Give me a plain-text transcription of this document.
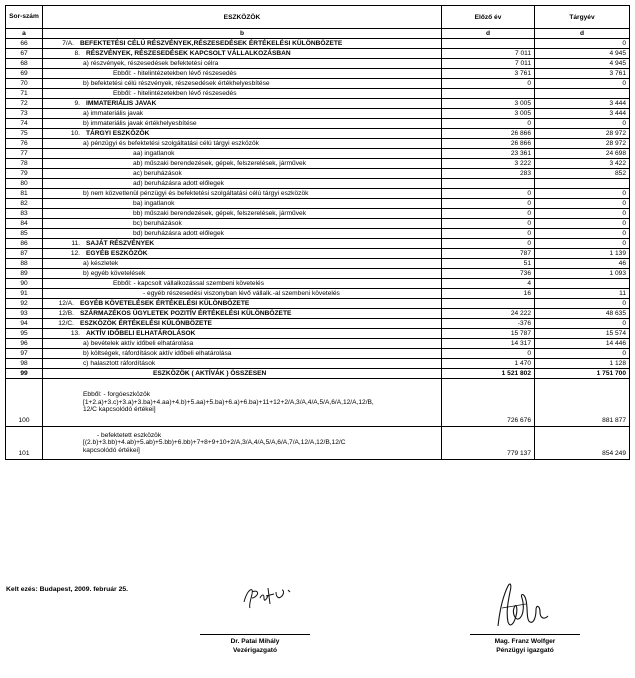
Sor-szám	ESZKÖZÖK	Előző év	Tárgyév
a	b	d	d
66	7/A. BEFEKTETÉSI CÉLÚ RÉSZVÉNYEK,RÉSZESEDÉSEK ÉRTÉKELÉSI KÜLÖNBÖZETE		0
67	8. RÉSZVÉNYEK, RÉSZESEDÉSEK KAPCSOLT VÁLLALKOZÁSBAN	7 011	4 945
68	a) részvények, részesedések befektetési célra	7 011	4 945
69	Ebből: - hitelintézetekben lévő részesedés	3 761	3 761
70	b) befektetési célú részvények, részesedések értékhelyesbítése	0	0
71	Ebből: - hitelintézetekben lévő részesedés		
72	9. IMMATERIÁLIS JAVAK	3 005	3 444
73	a) immateriális javak	3 005	3 444
74	b) immateriális javak értékhelyesbítése	0	0
75	10. TÁRGYI ESZKÖZÖK	26 866	28 972
76	a) pénzügyi és befektetési szolgáltatási célú tárgyi eszközök	26 866	28 972
77	aa) ingatlanok	23 361	24 698
78	ab) műszaki berendezések, gépek, felszerelések, járművek	3 222	3 422
79	ac) beruházások	283	852
80	ad) beruházásra adott előlegek		
81	b) nem közvetlenül pénzügyi és befektetési szolgáltatási célú tárgyi eszközök	0	0
82	ba) ingatlanok	0	0
83	bb) műszaki berendezések, gépek, felszerelések, járművek	0	0
84	bc) beruházások	0	0
85	bd) beruházásra adott előlegek	0	0
86	11. SAJÁT RÉSZVÉNYEK	0	0
87	12. EGYÉB ESZKÖZÖK	787	1 139
88	a) készletek	51	46
89	b) egyéb követelések	736	1 093
90	Ebből: - kapcsolt vállalkozással szembeni követelés	4	
91	- egyéb részesedési viszonyban lévő vállalk.-al szembeni követelés	16	11
92	12/A. EGYÉB KÖVETELÉSEK ÉRTÉKELÉSI KÜLÖNBÖZETE		0
93	12/B. SZÁRMAZÉKOS ÜGYLETEK POZITÍV ÉRTÉKELÉSI KÜLÖNBÖZETE	24 222	48 635
94	12/C. ESZKÖZÖK ÉRTÉKELÉSI KÜLÖNBÖZETE	-376	0
95	13. AKTÍV IDŐBELI ELHATÁROLÁSOK	15 787	15 574
96	a) bevételek aktív időbeli elhatárolása	14 317	14 446
97	b) költségek, ráfordítások aktív időbeli elhatárolása	0	0
98	c) halasztott ráfordítások	1 470	1 128
99	ESZKÖZÖK ( AKTÍVÁK ) ÖSSZESEN	1 521 802	1 751 700
100	Ebből: - forgóeszközök
[1+2.a)+3.c)+3.a)+3.ba)+4.aa)+4.b)+5.aa)+5.ba)+6.a)+6.ba)+11+12+2/A,3/A,4/A,5/A,6/A,12/A,12/B,
12/C kapcsolódó értékei]	726 676	881 877
101	- befektetett eszközök
[(2.b)+3.bb)+4.ab)+5.ab)+5.bb)+6.bb)+7+8+9+10+2/A,3/A,4/A,5/A,6/A,7/A,12/A,12/B,12/C
kapcsolódó értékei]	779 137	854 249
Kelt ezés: Budapest, 2009. február 25.
Dr. Patai Mihály
Vezérigazgató
Mag. Franz Wolfger
Pénzügyi igazgató
